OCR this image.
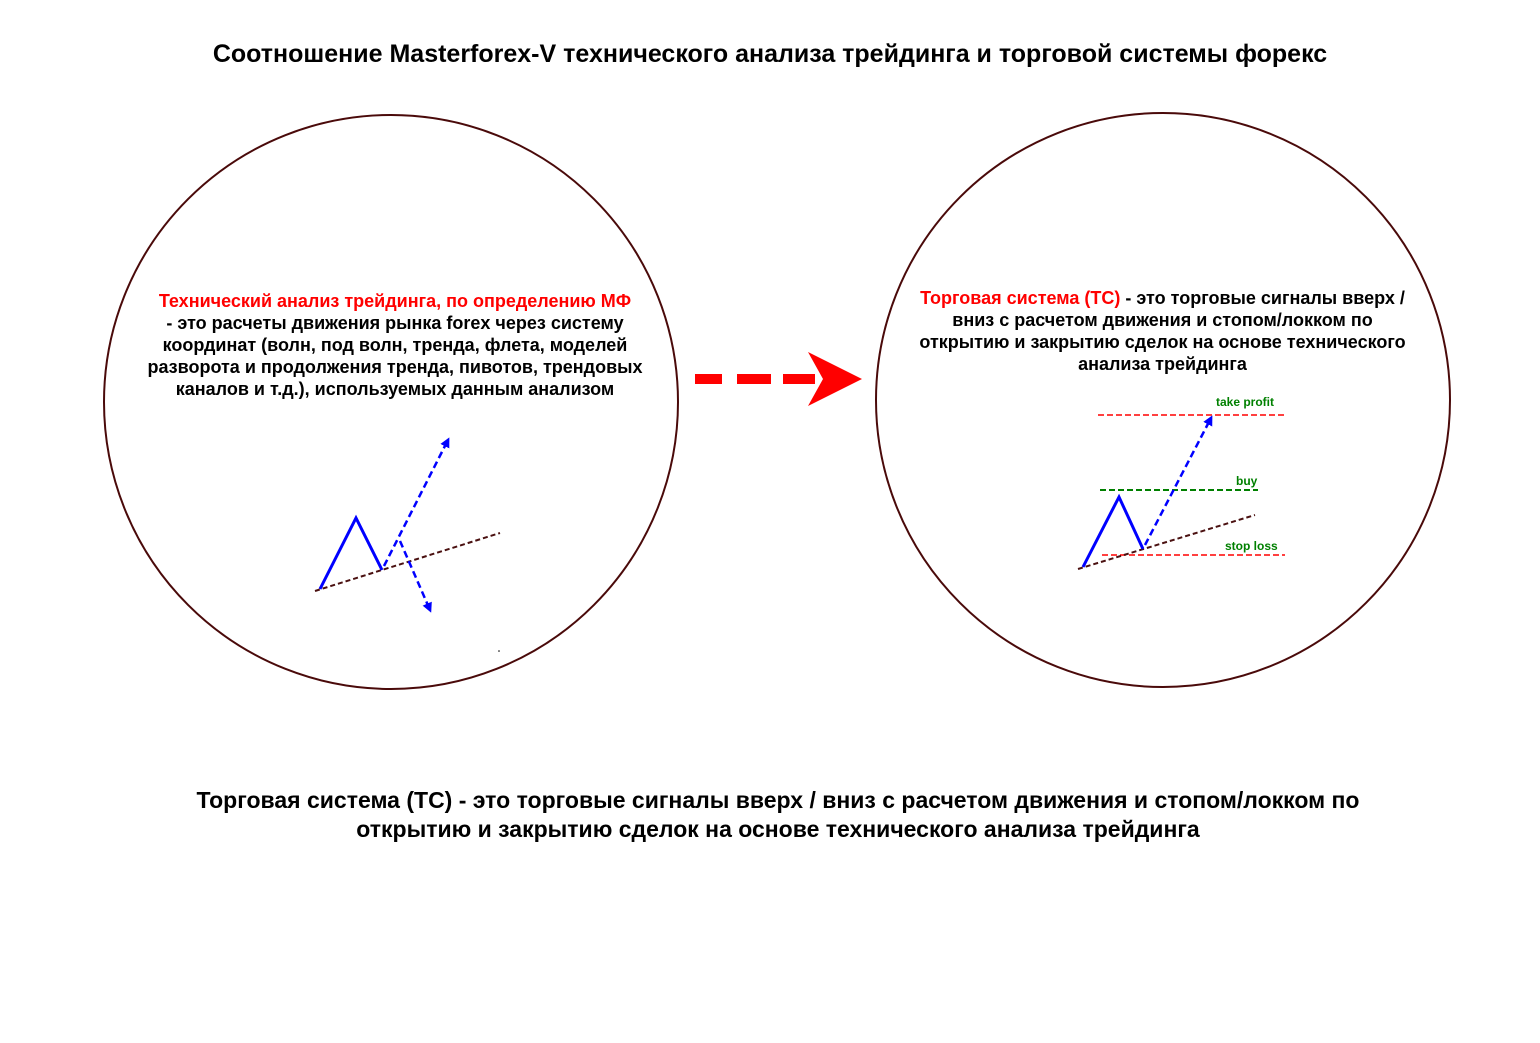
Соотношение Masterforex-V технического анализа трейдинга и торговой системы форекс
Технический анализ трейдинга, по определению МФ
- это расчеты движения рынка forex через систему координат (волн, под волн, тренда, флета, моделей разворота и продолжения тренда, пивотов, трендовых каналов и т.д.), используемых данным анализом
Торговая система (ТС) - это торговые сигналы вверх / вниз с расчетом движения и стопом/локком по открытию и закрытию сделок на основе технического анализа трейдинга
take profit
buy
stop loss
Торговая система (ТС) - это торговые сигналы вверх / вниз с расчетом движения и стопом/локком по открытию и закрытию сделок на основе технического анализа трейдинга
